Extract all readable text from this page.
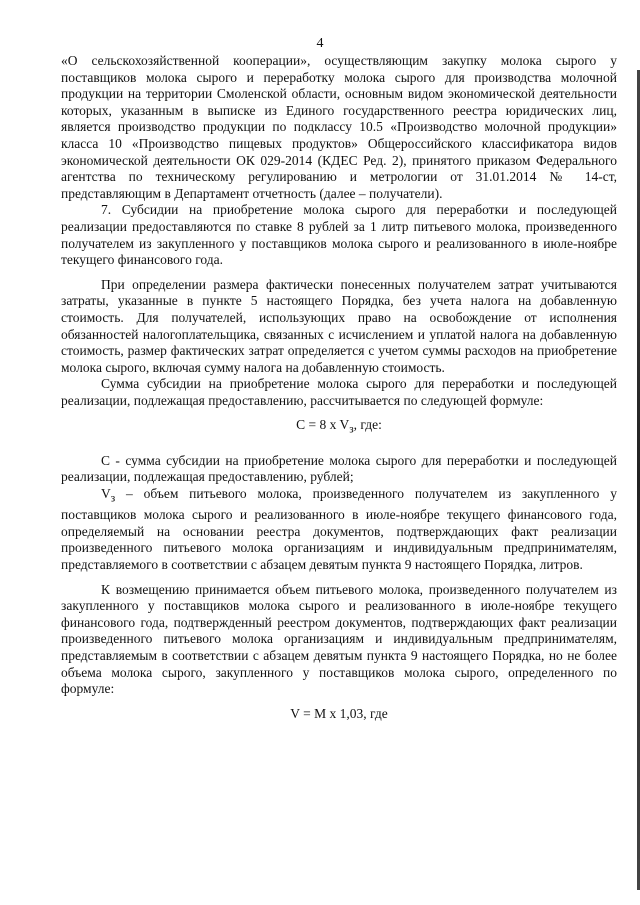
4

«О сельскохозяйственной кооперации», осуществляющим закупку молока сырого у поставщиков молока сырого и переработку молока сырого для производства молочной продукции на территории Смоленской области, основным видом экономической деятельности которых, указанным в выписке из Единого государственного реестра юридических лиц, является производство продукции по подклассу 10.5 «Производство молочной продукции» класса 10 «Производство пищевых продуктов» Общероссийского классификатора видов экономической деятельности ОК 029-2014 (КДЕС Ред. 2), принятого приказом Федерального агентства по техническому регулированию и метрологии от 31.01.2014 № 14-ст, представляющим в Департамент отчетность (далее – получатели).

7. Субсидии на приобретение молока сырого для переработки и последующей реализации предоставляются по ставке 8 рублей за 1 литр питьевого молока, произведенного получателем из закупленного у поставщиков молока сырого и реализованного в июле-ноябре текущего финансового года.

При определении размера фактически понесенных получателем затрат учитываются затраты, указанные в пункте 5 настоящего Порядка, без учета налога на добавленную стоимость. Для получателей, использующих право на освобождение от исполнения обязанностей налогоплательщика, связанных с исчислением и уплатой налога на добавленную стоимость, размер фактических затрат определяется с учетом суммы расходов на приобретение молока сырого, включая сумму налога на добавленную стоимость.

Сумма субсидии на приобретение молока сырого для переработки и последующей реализации, подлежащая предоставлению, рассчитывается по следующей формуле:

C = 8 x $V_з$, где:

C - сумма субсидии на приобретение молока сырого для переработки и последующей реализации, подлежащая предоставлению, рублей;

$V_з$ – объем питьевого молока, произведенного получателем из закупленного у поставщиков молока сырого и реализованного в июле-ноябре текущего финансового года, определяемый на основании реестра документов, подтверждающих факт реализации произведенного питьевого молока организациям и индивидуальным предпринимателям, представляемого в соответствии с абзацем девятым пункта 9 настоящего Порядка, литров.

К возмещению принимается объем питьевого молока, произведенного получателем из закупленного у поставщиков молока сырого и реализованного в июле-ноябре текущего финансового года, подтвержденный реестром документов, подтверждающих факт реализации произведенного питьевого молока организациям и индивидуальным предпринимателям, представляемым в соответствии с абзацем девятым пункта 9 настоящего Порядка, но не более объема молока сырого, закупленного у поставщиков молока сырого, определенного по формуле:

V = M x 1,03, где
